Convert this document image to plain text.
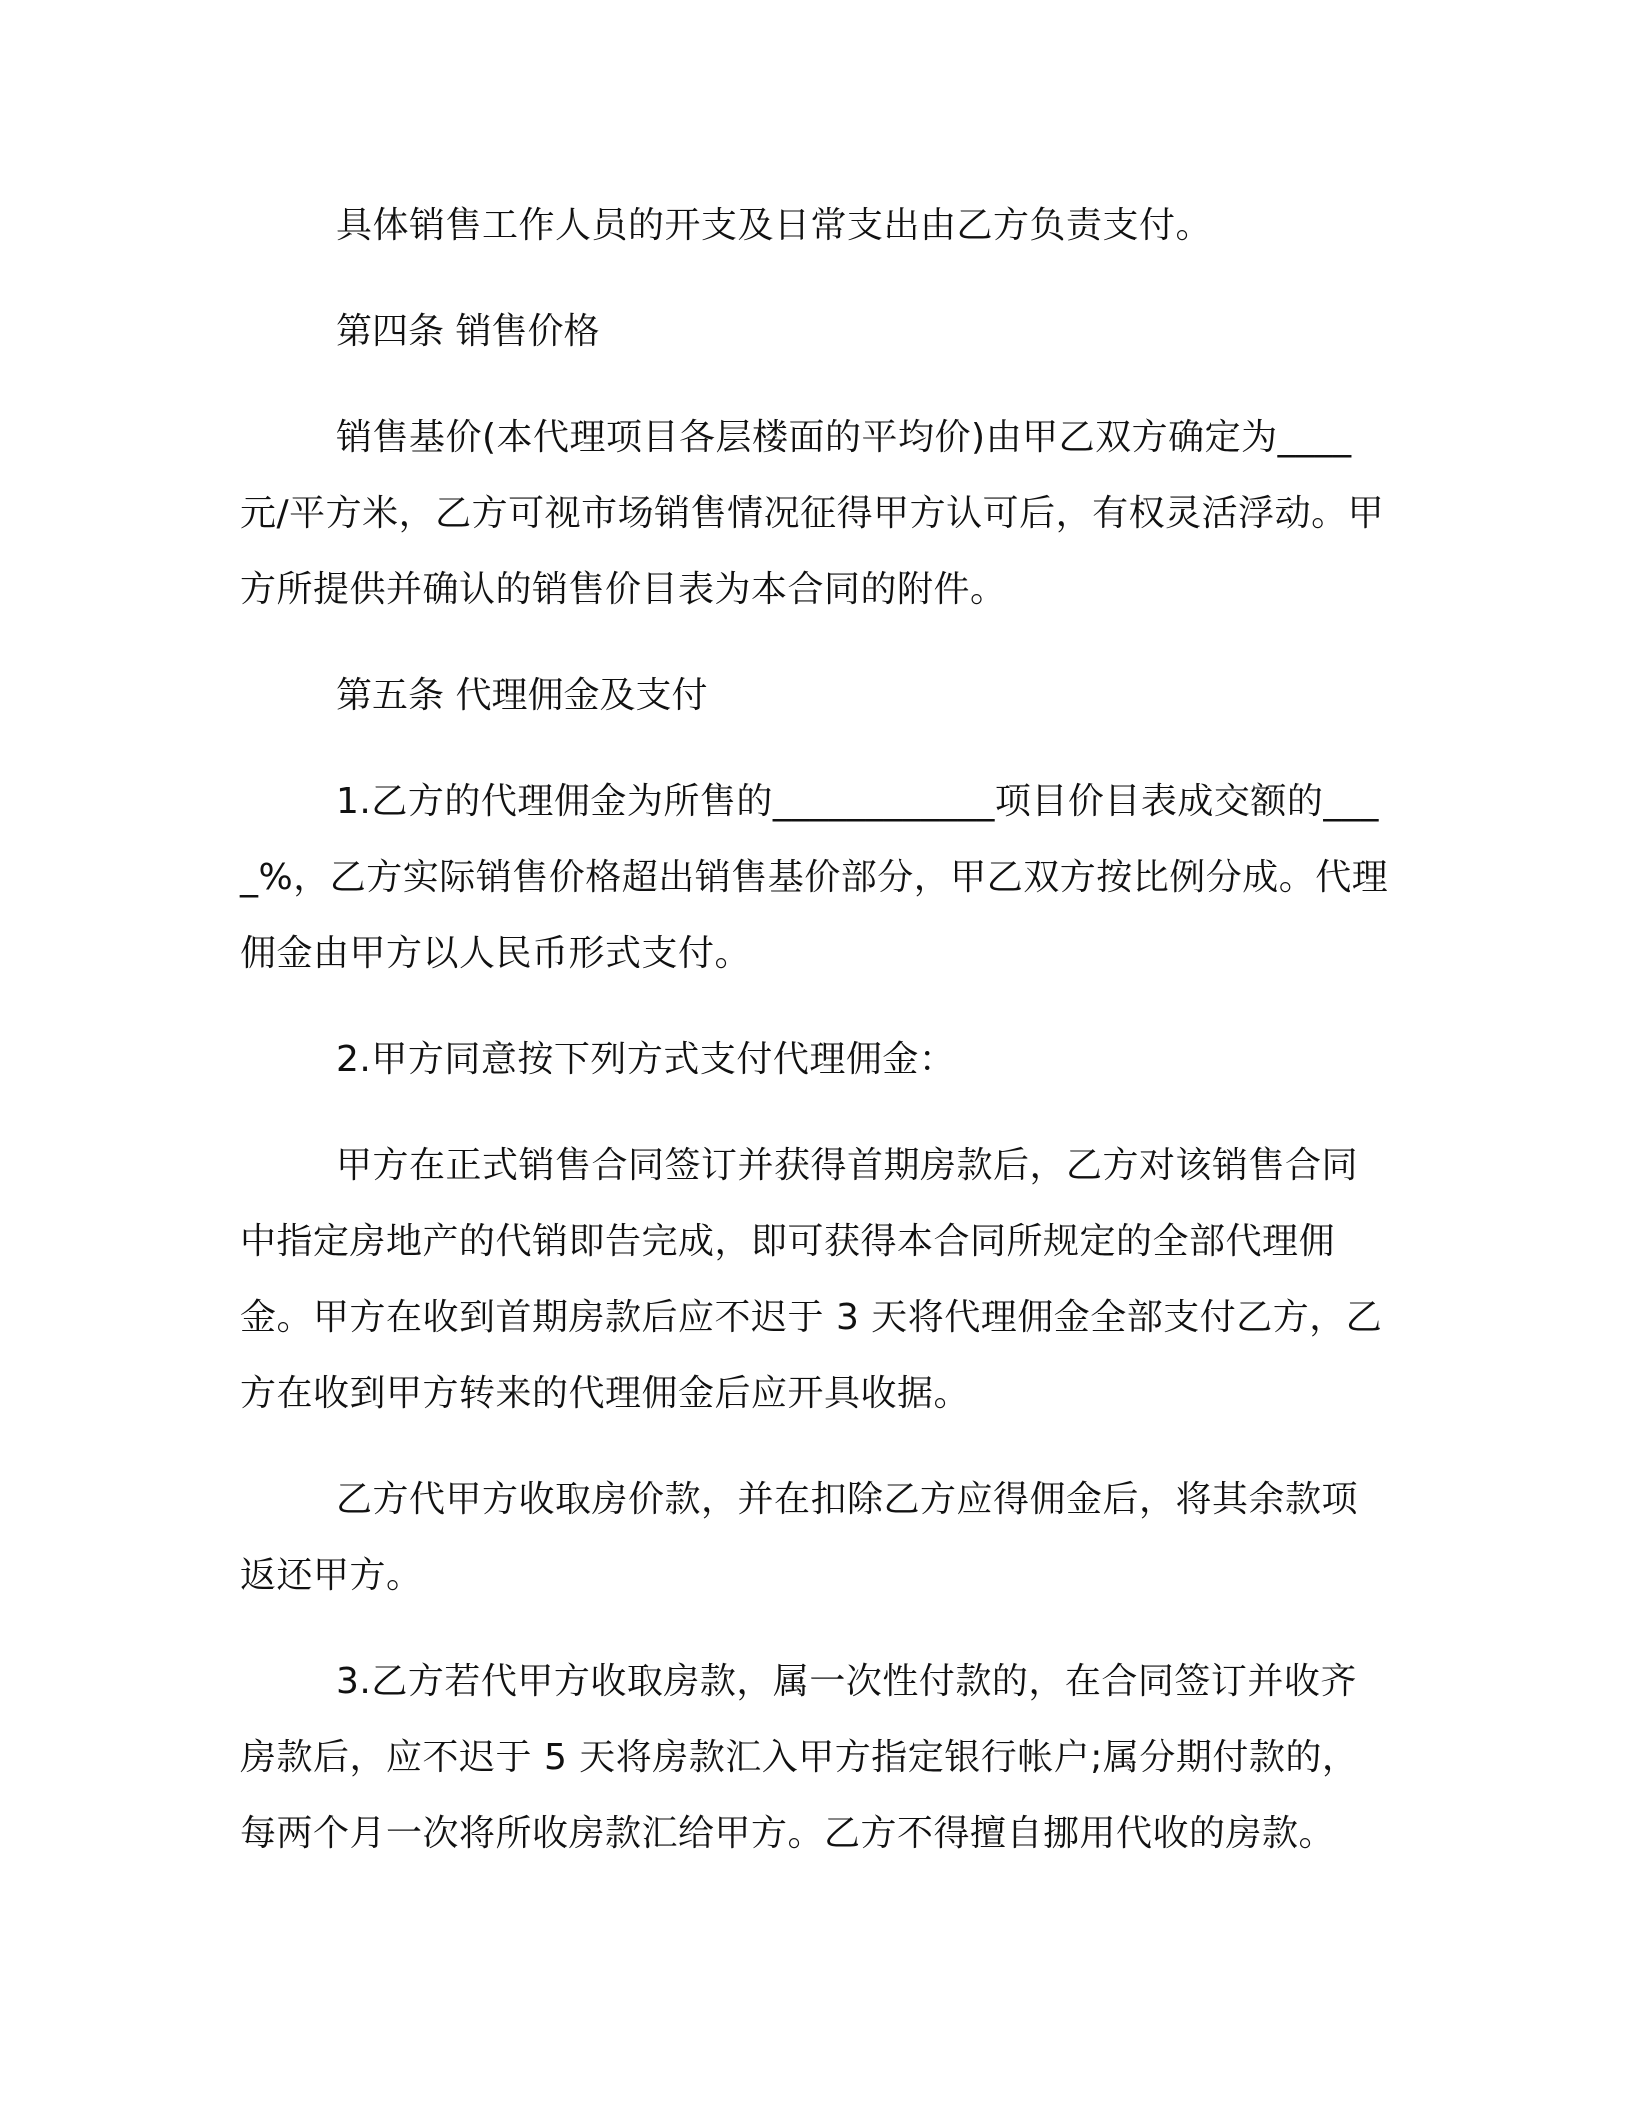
具体销售工作人员的开支及日常支出由乙方负责支付。

第四条 销售价格

销售基价(本代理项目各层楼面的平均价)由甲乙双方确定为____元/平方米，乙方可视市场销售情况征得甲方认可后，有权灵活浮动。甲方所提供并确认的销售价目表为本合同的附件。

第五条 代理佣金及支付

1.乙方的代理佣金为所售的____________项目价目表成交额的____%，乙方实际销售价格超出销售基价部分，甲乙双方按比例分成。代理佣金由甲方以人民币形式支付。

2.甲方同意按下列方式支付代理佣金：

甲方在正式销售合同签订并获得首期房款后，乙方对该销售合同中指定房地产的代销即告完成，即可获得本合同所规定的全部代理佣金。甲方在收到首期房款后应不迟于 3 天将代理佣金全部支付乙方，乙方在收到甲方转来的代理佣金后应开具收据。

乙方代甲方收取房价款，并在扣除乙方应得佣金后，将其余款项返还甲方。

3.乙方若代甲方收取房款，属一次性付款的，在合同签订并收齐房款后，应不迟于 5 天将房款汇入甲方指定银行帐户;属分期付款的，每两个月一次将所收房款汇给甲方。乙方不得擅自挪用代收的房款。
